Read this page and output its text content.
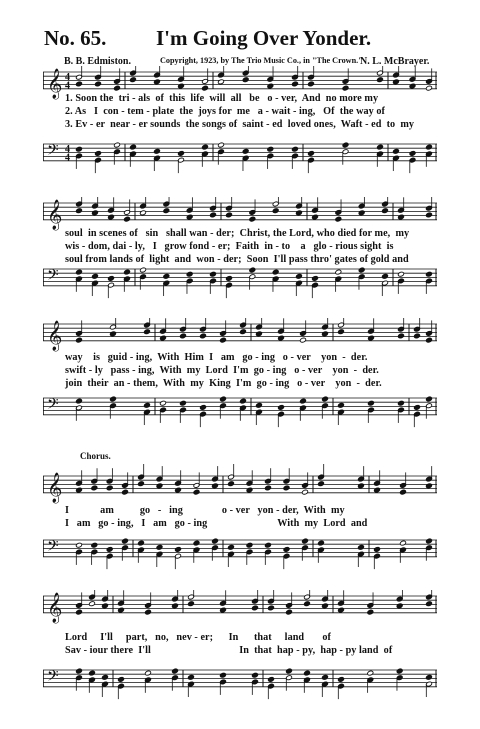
No. 65. I'm Going Over Yonder.
B. B. Edmiston.	Copyright, 1923, by The Trio Music Co., in "The Crown."
N. L. McBrayer.
𝄞 4
4
𝄢 4
4
1. Soon the  tri - als  of  this  life  will  all   be   o - ver,  And  no more my
2. As   I  con - tem - plate  the  joys for  me   a - wait - ing,   Of  the way of
3. Ev - er  near - er sounds  the songs of  saint - ed  loved ones,  Waft - ed  to  my
𝄞
𝄢
soul  in scenes of   sin   shall wan - der;  Christ, the Lord, who died for me,  my
wis - dom, dai - ly,   I   grow fond - er;  Faith  in - to    a   glo - rious sight  is
soul from lands of  light  and  won - der;  Soon  I'll pass thro' gates of gold and
𝄞
𝄢
way    is   guid - ing,  With  Him  I   am   go - ing   o - ver    yon  -  der.
swift - ly   pass - ing,  With  my  Lord  I'm  go - ing   o - ver    yon  -  der.
join  their  an - them,  With  my  King  I'm  go - ing   o - ver    yon  -  der.
Chorus.
𝄞
𝄢
I            am          go   -   ing               o - ver   yon - der,  With  my
I   am   go - ing,   I   am   go - ing                           With  my  Lord  and
𝄞
𝄢
Lord     I'll     part,   no,   nev - er;      In      that     land       of
Sav - iour there  I'll                                  In  that  hap - py,  hap - py land  of
